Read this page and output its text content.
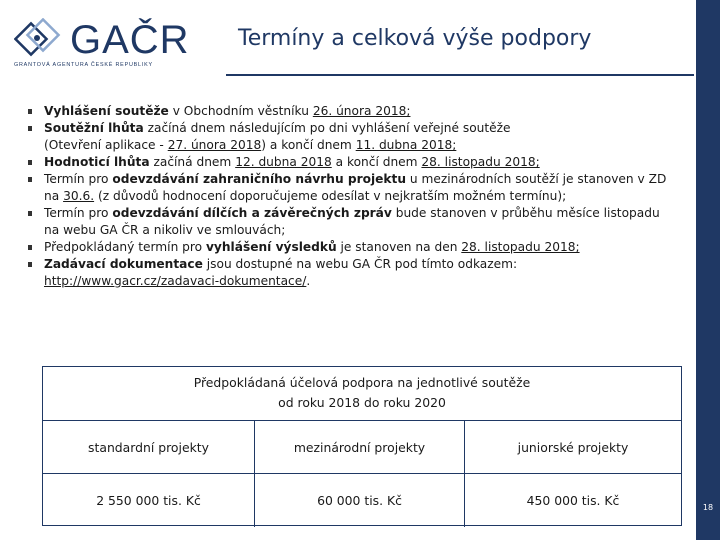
GAČR
GRANTOVÁ AGENTURA ČESKÉ REPUBLIKY
Termíny a celková výše podpory
18
Vyhlášení soutěže v Obchodním věstníku 26. února 2018;
Soutěžní lhůta začíná dnem následujícím po dni vyhlášení veřejné soutěže
(Otevření aplikace - 27. února 2018) a končí dnem 11. dubna 2018;
Hodnoticí lhůta začíná dnem 12. dubna 2018 a končí dnem 28. listopadu 2018;
Termín pro odevzdávání zahraničního návrhu projektu u mezinárodních soutěží je stanoven v ZD
na 30.6. (z důvodů hodnocení doporučujeme odesílat v nejkratším možném termínu);
Termín pro odevzdávání dílčích a závěrečných zpráv bude stanoven v průběhu měsíce listopadu
na webu GA ČR a nikoliv ve smlouvách;
Předpokládaný termín pro vyhlášení výsledků je stanoven na den 28. listopadu 2018;
Zadávací dokumentace jsou dostupné na webu GA ČR pod tímto odkazem:
http://www.gacr.cz/zadavaci-dokumentace/.
Předpokládaná účelová podpora na jednotlivé soutěže
od roku 2018 do roku 2020
standardní projekty	mezinárodní projekty	juniorské projekty
2 550 000 tis. Kč	60 000 tis. Kč	450 000 tis. Kč
